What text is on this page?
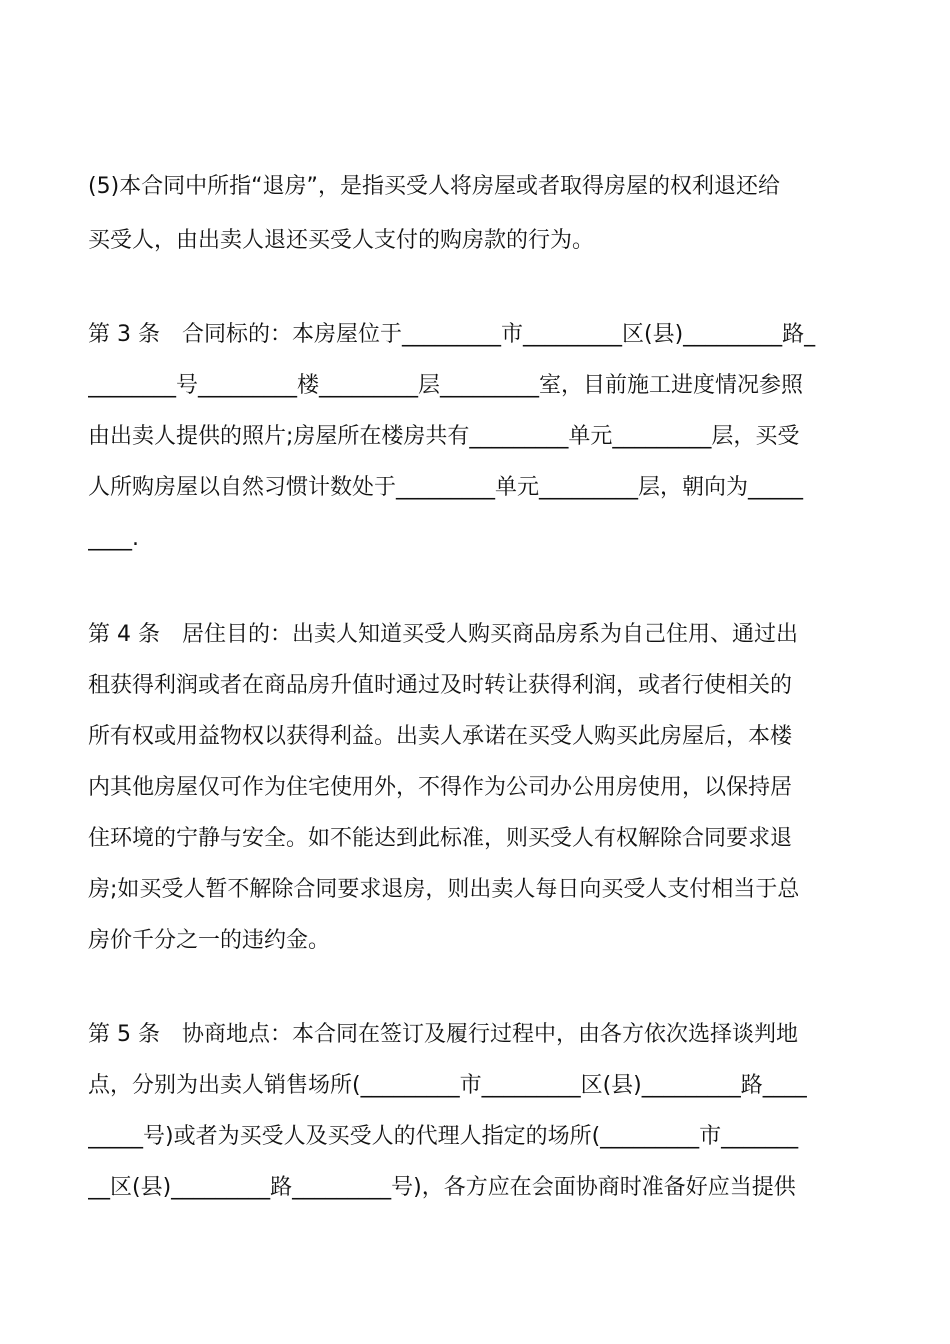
(5)本合同中所指“退房”，是指买受人将房屋或者取得房屋的权利退还给
买受人，由出卖人退还买受人支付的购房款的行为。
第 3 条　合同标的：本房屋位于_________市_________区(县)_________路_
________号_________楼_________层_________室，目前施工进度情况参照
由出卖人提供的照片;房屋所在楼房共有_________单元_________层，买受
人所购房屋以自然习惯计数处于_________单元_________层，朝向为_____
____.
第 4 条　居住目的：出卖人知道买受人购买商品房系为自己住用、通过出
租获得利润或者在商品房升值时通过及时转让获得利润，或者行使相关的
所有权或用益物权以获得利益。出卖人承诺在买受人购买此房屋后，本楼
内其他房屋仅可作为住宅使用外，不得作为公司办公用房使用，以保持居
住环境的宁静与安全。如不能达到此标准，则买受人有权解除合同要求退
房;如买受人暂不解除合同要求退房，则出卖人每日向买受人支付相当于总
房价千分之一的违约金。
第 5 条　协商地点：本合同在签订及履行过程中，由各方依次选择谈判地
点，分别为出卖人销售场所(_________市_________区(县)_________路____
_____号)或者为买受人及买受人的代理人指定的场所(_________市_______
__区(县)_________路_________号)，各方应在会面协商时准备好应当提供
